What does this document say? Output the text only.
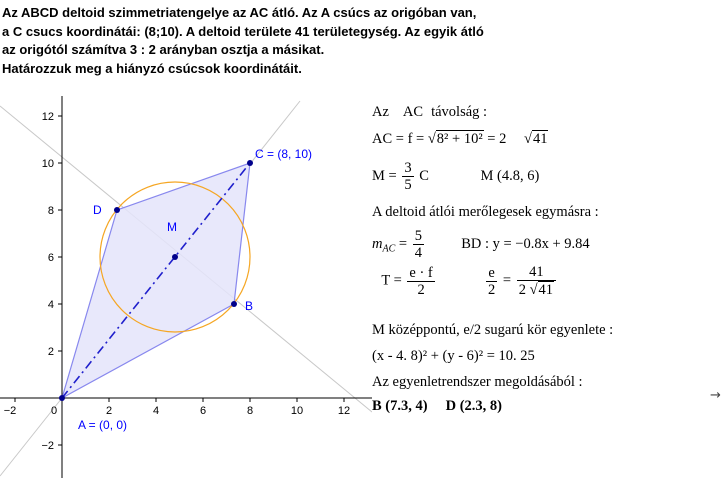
Az ABCD deltoid szimmetriatengelye az AC átló. Az A csúcs az origóban van,
a C csucs koordinátái: (8;10). A deltoid területe 41 területegység. Az egyik átló
az origótól számítva 3 : 2 arányban osztja a másikat.
Határozzuk meg a hiányzó csúcsok koordinátáit.
−2	0	2	4	6	8	10	12
12
10
8
6
4
2
−2
A = (0, 0)
B
C = (8, 10)
D
M
Az AC távolság :
AC = f = √8² + 10² = 2 √41
$M = \frac{3}{5}$ C	M (4.8, 6)
A deltoid átlói merőlegesek egymásra :
$m_{AC} = \frac{5}{4}$	BD : y = −0.8x + 9.84
$T = \frac{e \cdot f}{2}$
	$\frac{e}{2} = \frac{41}{2 √41}$
M középpontú, e/2 sugarú kör egyenlete :
(x - 4. 8)² + (y - 6)² = 10. 25
Az egyenletrendszer megoldásából :
B (7.3, 4) D (2.3, 8)
→
